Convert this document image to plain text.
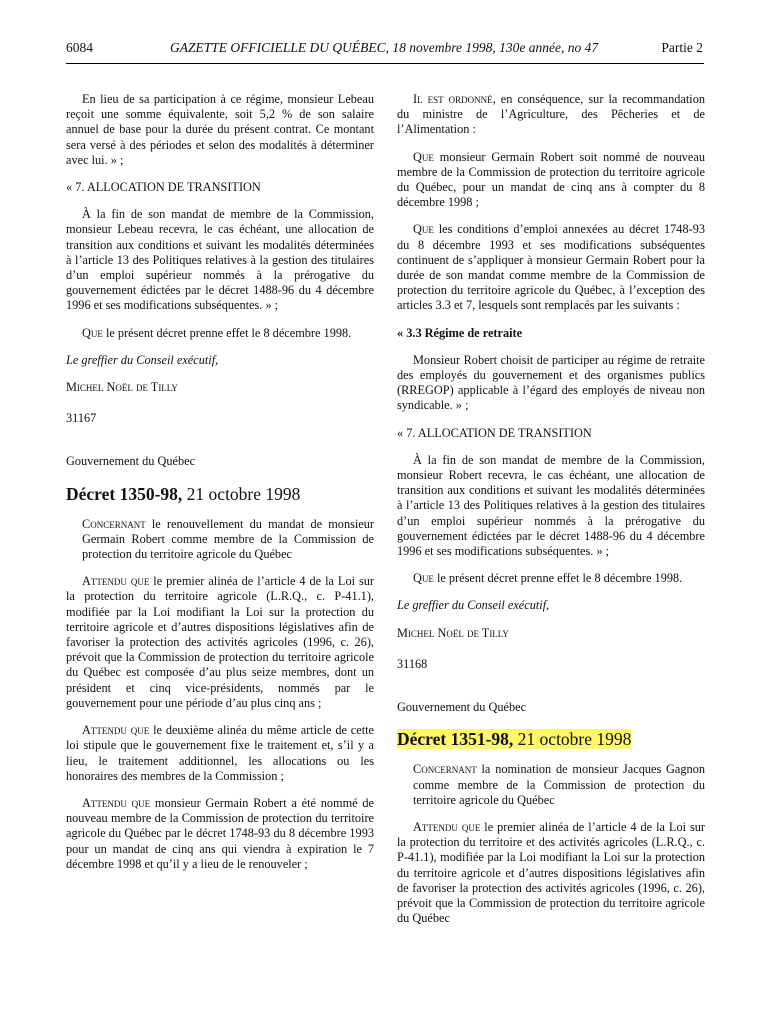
6084	GAZETTE OFFICIELLE DU QUÉBEC, 18 novembre 1998, 130e année, no 47	Partie 2

En lieu de sa participation à ce régime, monsieur Lebeau reçoit une somme équivalente, soit 5,2 % de son salaire annuel de base pour la durée du présent contrat. Ce montant sera versé à des périodes et selon des modalités à déterminer avec lui. » ;

« 7. ALLOCATION DE TRANSITION

À la fin de son mandat de membre de la Commission, monsieur Lebeau recevra, le cas échéant, une allocation de transition aux conditions et suivant les modalités déterminées à l’article 13 des Politiques relatives à la gestion des titulaires d’un emploi supérieur nommés à la prérogative du gouvernement édictées par le décret 1488-96 du 4 décembre 1996 et ses modifications subséquentes. » ;

Que le présent décret prenne effet le 8 décembre 1998.

Le greffier du Conseil exécutif,

Michel Noël de Tilly

31167

Gouvernement du Québec

Décret 1350-98, 21 octobre 1998

Concernant le renouvellement du mandat de monsieur Germain Robert comme membre de la Commission de protection du territoire agricole du Québec

Attendu que le premier alinéa de l’article 4 de la Loi sur la protection du territoire agricole (L.R.Q., c. P-41.1), modifiée par la Loi modifiant la Loi sur la protection du territoire agricole et d’autres dispositions législatives afin de favoriser la protection des activités agricoles (1996, c. 26), prévoit que la Commission de protection du territoire agricole du Québec est composée d’au plus seize membres, dont un président et cinq vice-présidents, nommés par le gouvernement pour une période d’au plus cinq ans ;

Attendu que le deuxième alinéa du même article de cette loi stipule que le gouvernement fixe le traitement et, s’il y a lieu, le traitement additionnel, les allocations ou les honoraires des membres de la Commission ;

Attendu que monsieur Germain Robert a été nommé de nouveau membre de la Commission de protection du territoire agricole du Québec par le décret 1748-93 du 8 décembre 1993 pour un mandat de cinq ans qui viendra à expiration le 7 décembre 1998 et qu’il y a lieu de le renouveler ;

Il est ordonné, en conséquence, sur la recommandation du ministre de l’Agriculture, des Pêcheries et de l’Alimentation :

Que monsieur Germain Robert soit nommé de nouveau membre de la Commission de protection du territoire agricole du Québec, pour un mandat de cinq ans à compter du 8 décembre 1998 ;

Que les conditions d’emploi annexées au décret 1748-93 du 8 décembre 1993 et ses modifications subséquentes continuent de s’appliquer à monsieur Germain Robert pour la durée de son mandat comme membre de la Commission de protection du territoire agricole du Québec, à l’exception des articles 3.3 et 7, lesquels sont remplacés par les suivants :

« 3.3 Régime de retraite

Monsieur Robert choisit de participer au régime de retraite des employés du gouvernement et des organismes publics (RREGOP) applicable à l’égard des employés de niveau non syndicable. » ;

« 7. ALLOCATION DE TRANSITION

À la fin de son mandat de membre de la Commission, monsieur Robert recevra, le cas échéant, une allocation de transition aux conditions et suivant les modalités déterminées à l’article 13 des Politiques relatives à la gestion des titulaires d’un emploi supérieur nommés à la prérogative du gouvernement édictées par le décret 1488-96 du 4 décembre 1996 et ses modifications subséquentes. » ;

Que le présent décret prenne effet le 8 décembre 1998.

Le greffier du Conseil exécutif,

Michel Noël de Tilly

31168

Gouvernement du Québec

Décret 1351-98, 21 octobre 1998

Concernant la nomination de monsieur Jacques Gagnon comme membre de la Commission de protection du territoire agricole du Québec

Attendu que le premier alinéa de l’article 4 de la Loi sur la protection du territoire et des activités agricoles (L.R.Q., c. P-41.1), modifiée par la Loi modifiant la Loi sur la protection du territoire agricole et d’autres dispositions législatives afin de favoriser la protection des activités agricoles (1996, c. 26), prévoit que la Commission de protection du territoire agricole du Québec
